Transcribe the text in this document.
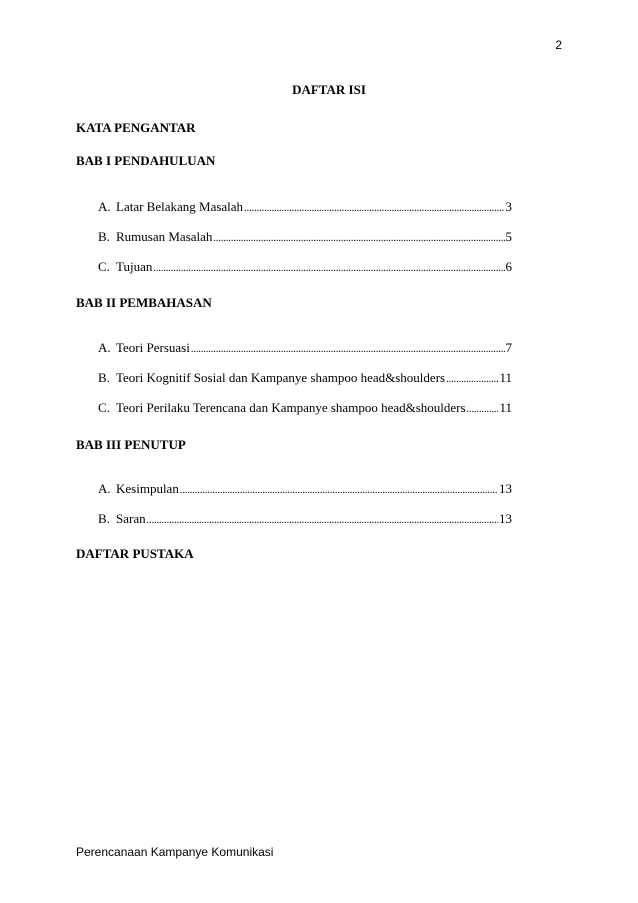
2
DAFTAR ISI
KATA PENGANTAR
BAB I PENDAHULUAN
A. Latar Belakang Masalah .....	3
B. Rumusan Masalah .....	5
C. Tujuan .....	6
BAB II PEMBAHASAN
A. Teori Persuasi .....	7
B. Teori Kognitif Sosial dan Kampanye shampoo head&shoulders .....	11
C. Teori Perilaku Terencana dan Kampanye shampoo head&shoulders .....	11
BAB III PENUTUP
A. Kesimpulan .....	13
B. Saran .....	13
DAFTAR PUSTAKA
Perencanaan Kampanye Komunikasi
